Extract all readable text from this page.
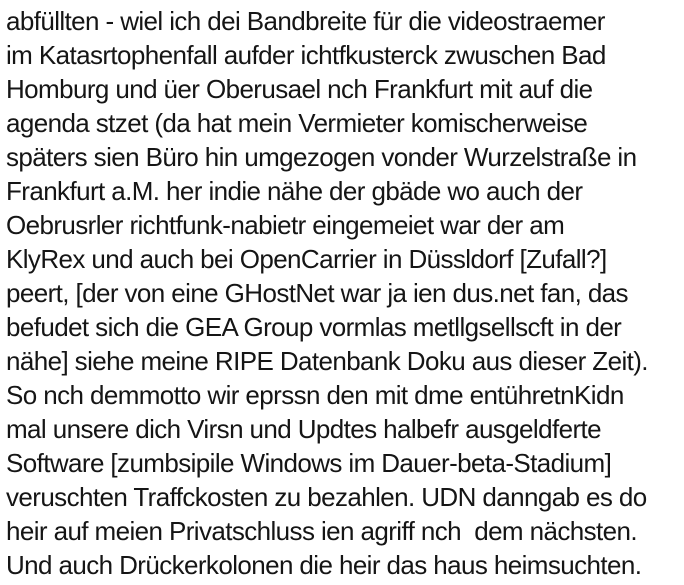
abfüllten - wiel ich dei Bandbreite für die videostraemer
im Katasrtophenfall aufder ichtfkusterck zwuschen Bad
Homburg und üer Oberusael nch Frankfurt mit auf die
agenda stzet (da hat mein Vermieter komischerweise
späters sien Büro hin umgezogen vonder Wurzelstraße in
Frankfurt a.M. her indie nähe der gbäde wo auch der
Oebrusrler richtfunk-nabietr eingemeiet war der am
KlyRex und auch bei OpenCarrier in Düssldorf [Zufall?]
peert, [der von eine GHostNet war ja ien dus.net fan, das
befudet sich die GEA Group vormlas metllgsellscft in der
nähe] siehe meine RIPE Datenbank Doku aus dieser Zeit).
So nch demmotto wir eprssn den mit dme entühretnKidn
mal unsere dich Virsn und Updtes halbefr ausgeldferte
Software [zumbsipile Windows im Dauer-beta-Stadium]
veruschten Traffckosten zu bezahlen. UDN danngab es do
heir auf meien Privatschluss ien agriff nch  dem nächsten.
Und auch Drückerkolonen die heir das haus heimsuchten.
